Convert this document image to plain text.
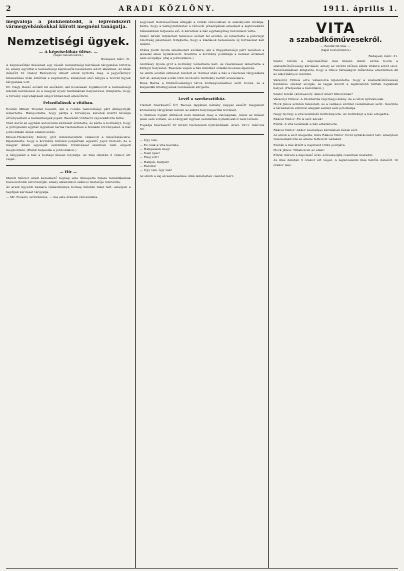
2	ARADI KÖZLÖNY.	1911. április 1.
megvalója a pioknemtodd, a leprendszeri vármegyebánkokkal kiírott megnéni tanágatja.
Nemzetiségi ügyek.
— A képviselőház ülése. —
(Saját tudósítónktól.)
Budapest, márc. 31.

A képviselőház ülésének egy részét nemzetiségi kérdések tárgyalása töltötte ki, amely egyúttal a nemzetiségi képviselők beszédeire adott alkalmat. Az ülést délelőtt 10 órakor Berzeviczy Albert elnök nyitotta meg. A jegyzőkönyv hitelesítése után áttértek a napirendre, amelynek első tárgya a horvát ügyek tárgyalása volt.

Dr. Nagy Dezső szólalt fel elsőként, aki hosszasan foglalkozott a nemzetiségi iskolák kérdésével és a magyar nyelv tanításának helyzetével. Kifejtette, hogy a törvény végrehajtását szigorúbban kell ellenőrizni.

Felszólalások a vitában.

Ezután Mihali Tivadar beszélt, aki a román nemzetiségi párt álláspontját ismertette. Hangoztatta, hogy pártja a törvényes keretek között kívánja érvényesíteni a nemzetiségek jogait. Beszédét többször zaj szakította félbe.

Vlád Aurél az egyházi autonómia kérdését érintette, és kérte a kormányt, hogy a görögkeleti egyház ügyeiben tartsa tiszteletben a fennálló törvényeket. A ház jobboldalán élénk ellenmondás.

Khuen-Héderváry Károly gróf miniszterelnök válaszolt a felszólalásokra. Kijelentette, hogy a kormány minden polgárnak egyenlő jogot biztosít, de a magyar állam egységét semmiféle törekvéssel szemben nem engedi megbontani. (Élénk helyeslés a jobboldalon.)

A tárgyalást a ház a holnapi ülésen folytatja. Az ülés délután 2 órakor ért véget.

— Hír —

Mandl Sándor aradi kereskedő tegnap este ünnepelte üzlete fennállásának huszonötödik évfordulóját, amely alkalomból számos tisztelője üdvözölte.

Az aradi ügyvédi kamara választmánya holnap délután ülést tart, amelyen a tagdíjak kérdését tárgyalja.

— Mr. Fosseti, szóbrándos, — ma este érkezik városunkba.

segyvesti tisztviselőinek állapját a vidéki városokban is szabályozni kívánja. Kérte, hogy a belügyminiszter a városok pótadójának emelését a legközelebbi ülésszakban terjessze elő. A kérelmet a ház egyhangúlag tudomásul vette.

Szabó István miniszteri tanácsos szólalt fel ezután, és ismertette a pénzügyi bizottság jelentését. Kifejtette, hogy a kiadások fedezésére új forrásokat kell találni.

Utána Justh Gyula emelkedett szólásra, aki a függetlenségi párt nevében a javaslat ellen nyilatkozott. Szerinte a kormány politikája a nemzet érdekeit nem szolgálja. (Zaj a jobboldalon.)

Andrássy Gyula gróf a kormány védelmére kelt, és részletesen ismertette a külügyi helyzetet. Beszéde végén a ház mindkét oldalán hosszas éljenzés.

Az elnök ezután szünetet rendelt el. Szünet után a ház a részletes tárgyalásra tért át, amelynek során több módosító indítvány került szavazásra.

Buza Barna a földművelésügyi tárca költségvetéséhez szólt hozzá, és a kisgazdák hitelügyének rendezését sürgette.

Levél a szerkesztőhöz.

Tisztelt Szerkesztő Úr! Becses lapjában néhány nappal ezelőtt megjelent közlemény tárgyában kérem az alábbi helyreigazítás közlését.

A cikkben foglalt állítások nem felelnek meg a valóságnak, mivel az ülésen jelen sem voltam, és a tárgyalt ügyben semmiféle nyilatkozatot nem tettem.

Fogadja Szerkesztő Úr kiváló tiszteletem nyilvánítását. Arad, 1911. március 30.

— Úgy van.
— Ez csak a vita kezdete.
— Hallgassuk meg!
— Nem igaz!
— Elég volt!
— Halljuk, halljuk!
— Rendre!
— Úgy van, úgy van!

Az elnök a zaj elcsendesedése után ismételten csendet kért.

VITA
a szabadkőművesekről.
— Rendkívüli ülés. —
(Saját tudósítónktól.)
Budapest, márc. 31.

Szabó István a képviselőház mai ülésén ismét szóba hozta a szabadkőművesség kérdését, amely az utóbbi időben élénk vitákra adott okot. Felszólalásában kifejtette, hogy a titkos társaságok működése ellentétben áll az alkotmányos renddel.

Vázsonyi Vilmos erre válaszolva kijelentette, hogy a szabadkőművesség humánus célokat szolgál, és tagjai között a legkiválóbb férfiak foglalnak helyet. (Helyeslés a baloldalon.)

Szabó István (közbeszól): Akkor miért titkolóznak?

Vázsonyi Vilmos: A titoktartás régi hagyomány, de a célok nyilvánosak.

Hock János szintén felszólalt, és a vallásos érzület védelmében szólt. Szerinte a társadalom erkölcsi alapjait semmi sem pótolhatja.

Nagy György a vita lezárását indítványozta. Az indítványt a ház elfogadta.

Rákosi Viktor: Én is szót kérek!

Elnök: A vita lezárását a ház elhatározta.

Rákosi Viktor: Akkor személyes kérdésben kérek szót.

Az elnök a szót megadta, mire Rákosi Viktor rövid nyilatkozatot tett, amelyben visszautasította az ellene felhozott vádakat.

Ezután a ház áttért a napirend többi pontjára.

Hock János: Tiltakozom ez ellen!

Elnök: Kérem a képviselő urat, szíveskedjék csendben maradni.

Az ülés délután 3 órakor ért véget. A legközelebbi ülés hétfőn délelőtt 10 órakor lesz.
